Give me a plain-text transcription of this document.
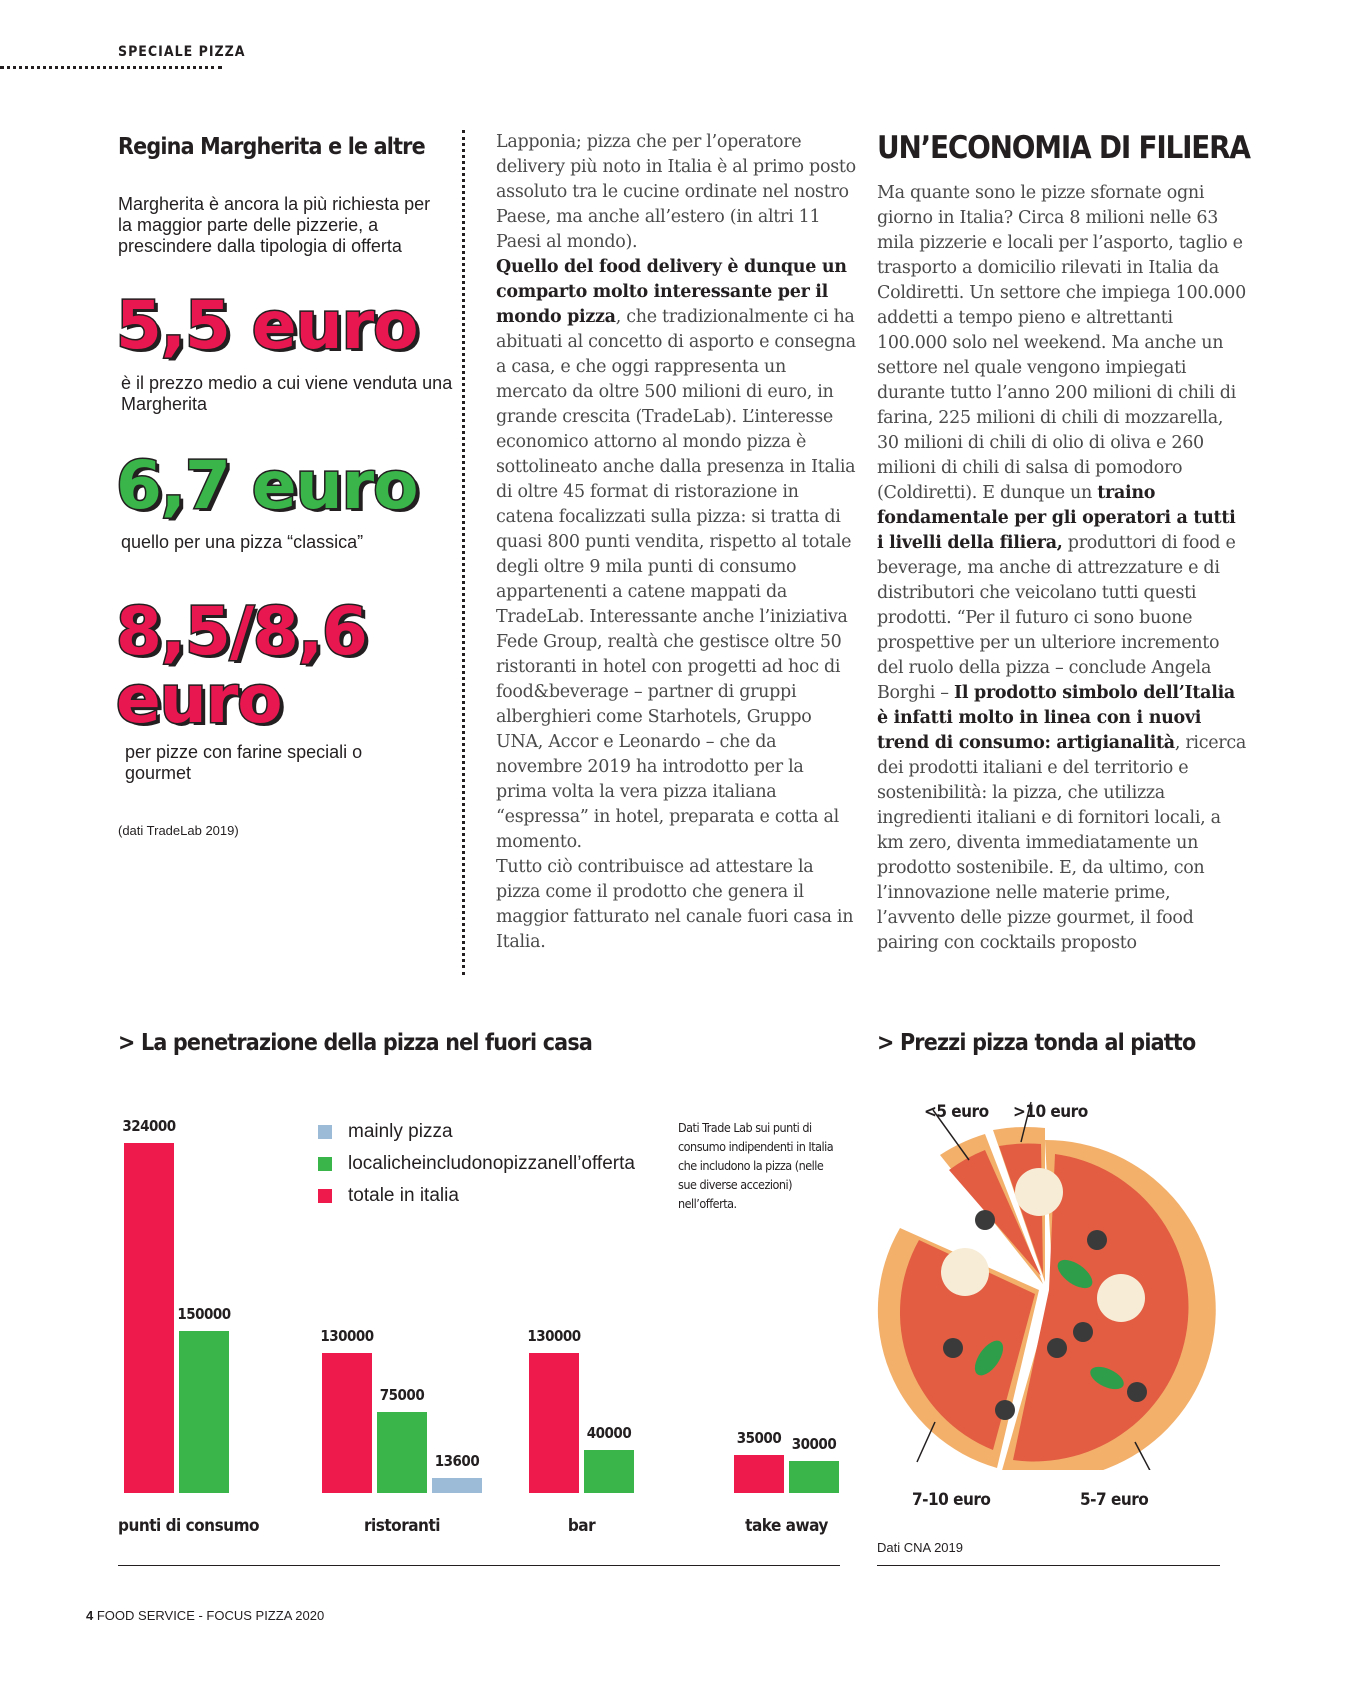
SPECIALE PIZZA
Regina Margherita e le altre
Margherita è ancora la più richiesta per la maggior parte delle pizzerie, a prescindere dalla tipologia di offerta
5,5 euro
è il prezzo medio a cui viene venduta una Margherita
6,7 euro
quello per una pizza “classica”
8,5/8,6 euro
per pizze con farine speciali o gourmet
(dati TradeLab 2019)
Lapponia; pizza che per l’operatore delivery più noto in Italia è al primo posto assoluto tra le cucine ordinate nel nostro Paese, ma anche all’estero (in altri 11 Paesi al mondo).
Quello del food delivery è dunque un comparto molto interessante per il mondo pizza, che tradizionalmente ci ha abituati al concetto di asporto e consegna a casa, e che oggi rappresenta un mercato da oltre 500 milioni di euro, in grande crescita (TradeLab). L’interesse economico attorno al mondo pizza è sottolineato anche dalla presenza in Italia di oltre 45 format di ristorazione in catena focalizzati sulla pizza: si tratta di quasi 800 punti vendita, rispetto al totale degli oltre 9 mila punti di consumo appartenenti a catene mappati da TradeLab. Interessante anche l’iniziativa Fede Group, realtà che gestisce oltre 50 ristoranti in hotel con progetti ad hoc di food&beverage – partner di gruppi alberghieri come Starhotels, Gruppo UNA, Accor e Leonardo – che da novembre 2019 ha introdotto per la prima volta la vera pizza italiana “espressa” in hotel, preparata e cotta al momento.
Tutto ciò contribuisce ad attestare la pizza come il prodotto che genera il maggior fatturato nel canale fuori casa in Italia.
UN’ECONOMIA DI FILIERA
Ma quante sono le pizze sfornate ogni giorno in Italia? Circa 8 milioni nelle 63 mila pizzerie e locali per l’asporto, taglio e trasporto a domicilio rilevati in Italia da Coldiretti. Un settore che impiega 100.000 addetti a tempo pieno e altrettanti 100.000 solo nel weekend. Ma anche un settore nel quale vengono impiegati durante tutto l’anno 200 milioni di chili di farina, 225 milioni di chili di mozzarella, 30 milioni di chili di olio di oliva e 260 milioni di chili di salsa di pomodoro (Coldiretti). E dunque un traino fondamentale per gli operatori a tutti i livelli della filiera, produttori di food e beverage, ma anche di attrezzature e di distributori che veicolano tutti questi prodotti. “Per il futuro ci sono buone prospettive per un ulteriore incremento del ruolo della pizza – conclude Angela Borghi – Il prodotto simbolo dell’Italia è infatti molto in linea con i nuovi trend di consumo: artigianalità, ricerca dei prodotti italiani e del territorio e sostenibilità: la pizza, che utilizza ingredienti italiani e di fornitori locali, a km zero, diventa immediatamente un prodotto sostenibile. E, da ultimo, con l’innovazione nelle materie prime, l’avvento delle pizze gourmet, il food pairing con cocktails proposto
> La penetrazione della pizza nel fuori casa
324000
150000
punti di consumo
130000
75000
13600
ristoranti
130000
40000
bar
35000 30000
take away
mainly pizza
localicheincludonopizzanell’offerta
totale in italia
Dati Trade Lab sui punti di consumo indipendenti in Italia che includono la pizza (nelle sue diverse accezioni) nell’offerta.
> Prezzi pizza tonda al piatto
<5 euro >10 euro
7-10 euro	5-7 euro
Dati CNA 2019
4 FOOD SERVICE - FOCUS PIZZA 2020
